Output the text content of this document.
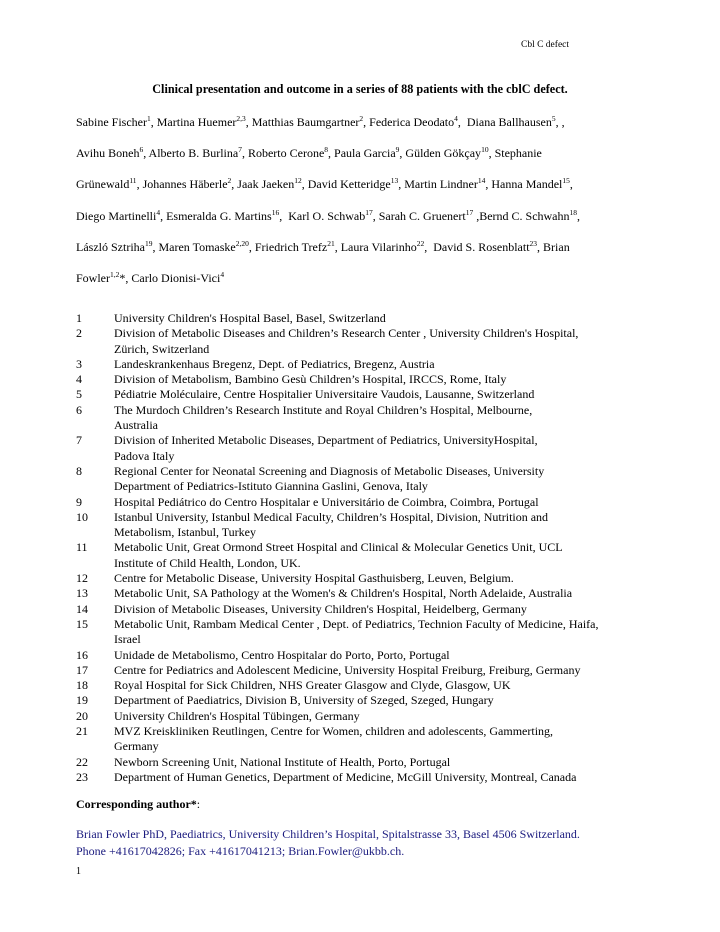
Cbl C defect
Clinical presentation and outcome in a series of 88 patients with the cblC defect.
Sabine Fischer$^1$, Martina Huemer$^{2,3}$, Matthias Baumgartner$^2$, Federica Deodato$^4$,  Diana Ballhausen$^5$, ,
Avihu Boneh$^6$, Alberto B. Burlina$^7$, Roberto Cerone$^8$, Paula Garcia$^9$, Gülden Gökçay$^{10}$, Stephanie
Grünewald$^{11}$, Johannes Häberle$^2$, Jaak Jaeken$^{12}$, David Ketteridge$^{13}$, Martin Lindner$^{14}$, Hanna Mandel$^{15}$,
Diego Martinelli$^4$, Esmeralda G. Martins$^{16}$,  Karl O. Schwab$^{17}$, Sarah C. Gruenert$^{17}$ ,Bernd C. Schwahn$^{18}$,
László Sztriha$^{19}$, Maren Tomaske$^{2,20}$, Friedrich Trefz$^{21}$, Laura Vilarinho$^{22}$,  David S. Rosenblatt$^{23}$, Brian
Fowler$^{1,2}$*, Carlo Dionisi-Vici$^4$
1	University Children's Hospital Basel, Basel, Switzerland
2	Division of Metabolic Diseases and Children’s Research Center , University Children's Hospital,
Zürich, Switzerland
3	Landeskrankenhaus Bregenz, Dept. of Pediatrics, Bregenz, Austria
4	Division of Metabolism, Bambino Gesù Children’s Hospital, IRCCS, Rome, Italy
5	Pédiatrie Moléculaire, Centre Hospitalier Universitaire Vaudois, Lausanne, Switzerland
6	The Murdoch Children’s Research Institute and Royal Children’s Hospital, Melbourne,
Australia
7	Division of Inherited Metabolic Diseases, Department of Pediatrics, UniversityHospital,
Padova Italy
8	Regional Center for Neonatal Screening and Diagnosis of Metabolic Diseases, University
Department of Pediatrics-Istituto Giannina Gaslini, Genova, Italy
9	Hospital Pediátrico do Centro Hospitalar e Universitário de Coimbra, Coimbra, Portugal
10	Istanbul University, Istanbul Medical Faculty, Children’s Hospital, Division, Nutrition and
Metabolism, Istanbul, Turkey
11	Metabolic Unit, Great Ormond Street Hospital and Clinical & Molecular Genetics Unit, UCL
Institute of Child Health, London, UK.
12	Centre for Metabolic Disease, University Hospital Gasthuisberg, Leuven, Belgium.
13	Metabolic Unit, SA Pathology at the Women's & Children's Hospital, North Adelaide, Australia
14	Division of Metabolic Diseases, University Children's Hospital, Heidelberg, Germany
15	Metabolic Unit, Rambam Medical Center , Dept. of Pediatrics, Technion Faculty of Medicine, Haifa,
Israel
16	Unidade de Metabolismo, Centro Hospitalar do Porto, Porto, Portugal
17	Centre for Pediatrics and Adolescent Medicine, University Hospital Freiburg, Freiburg, Germany
18	Royal Hospital for Sick Children, NHS Greater Glasgow and Clyde, Glasgow, UK
19	Department of Paediatrics, Division B, University of Szeged, Szeged, Hungary
20	University Children's Hospital Tübingen, Germany
21	MVZ Kreiskliniken Reutlingen, Centre for Women, children and adolescents, Gammerting,
Germany
22	Newborn Screening Unit, National Institute of Health, Porto, Portugal
23	Department of Human Genetics, Department of Medicine, McGill University, Montreal, Canada
Corresponding author*:
Brian Fowler PhD, Paediatrics, University Children’s Hospital, Spitalstrasse 33, Basel 4506 Switzerland.
Phone +41617042826; Fax +41617041213; Brian.Fowler@ukbb.ch.
1
